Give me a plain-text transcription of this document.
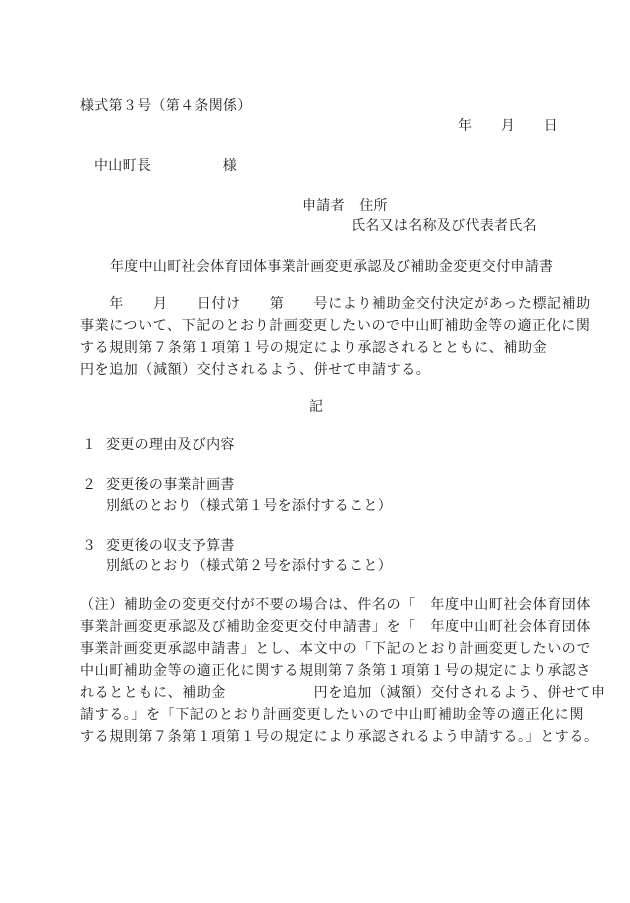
様式第３号（第４条関係）
年　　月　　日
中山町長　　　　　様
申請者　住所
氏名又は名称及び代表者氏名
年度中山町社会体育団体事業計画変更承認及び補助金変更交付申請書
　　年　　月　　日付け　　第　　号により補助金交付決定があった標記補助
事業について、下記のとおり計画変更したいので中山町補助金等の適正化に関
する規則第７条第１項第１号の規定により承認されるとともに、補助金
円を追加（減額）交付されるよう、併せて申請する。
記
１ 変更の理由及び内容
２ 変更後の事業計画書
別紙のとおり（様式第１号を添付すること）
３ 変更後の収支予算書
別紙のとおり（様式第２号を添付すること）
（注）補助金の変更交付が不要の場合は、件名の「　年度中山町社会体育団体
事業計画変更承認及び補助金変更交付申請書」を「　年度中山町社会体育団体
事業計画変更承認申請書」とし、本文中の「下記のとおり計画変更したいので
中山町補助金等の適正化に関する規則第７条第１項第１号の規定により承認さ
れるとともに、補助金　　　　　　円を追加（減額）交付されるよう、併せて申
請する。」を「下記のとおり計画変更したいので中山町補助金等の適正化に関
する規則第７条第１項第１号の規定により承認されるよう申請する。」とする。
